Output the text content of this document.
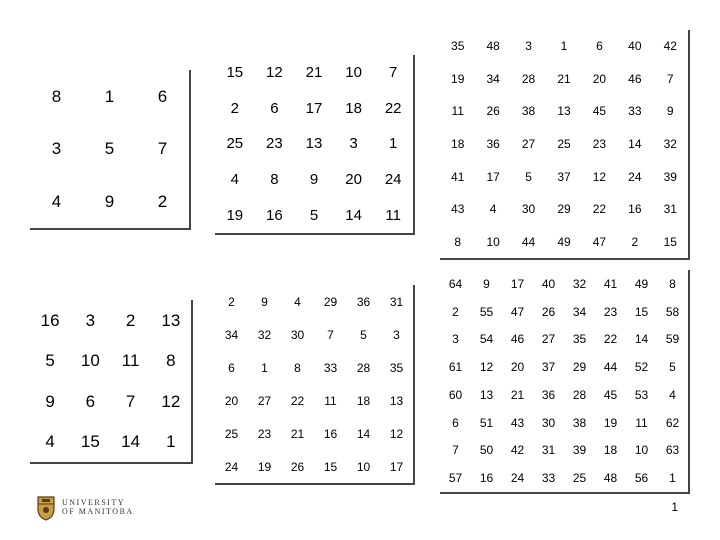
8	1	6
3	5	7
4	9	2
16	3	2	13
5	10	11	8
9	6	7	12
4	15	14	1
15	12	21	10	7
2	6	17	18	22
25	23	13	3	1
4	8	9	20	24
19	16	5	14	11
2	9	4	29	36	31
34	32	30	7	5	3
6	1	8	33	28	35
20	27	22	11	18	13
25	23	21	16	14	12
24	19	26	15	10	17
35	48	3	1	6	40	42
19	34	28	21	20	46	7
11	26	38	13	45	33	9
18	36	27	25	23	14	32
41	17	5	37	12	24	39
43	4	30	29	22	16	31
8	10	44	49	47	2	15
64	9	17	40	32	41	49	8
2	55	47	26	34	23	15	58
3	54	46	27	35	22	14	59
61	12	20	37	29	44	52	5
60	13	21	36	28	45	53	4
6	51	43	30	38	19	11	62
7	50	42	31	39	18	10	63
57	16	24	33	25	48	56	1
UNIVERSITY
OF MANITOBA	1
